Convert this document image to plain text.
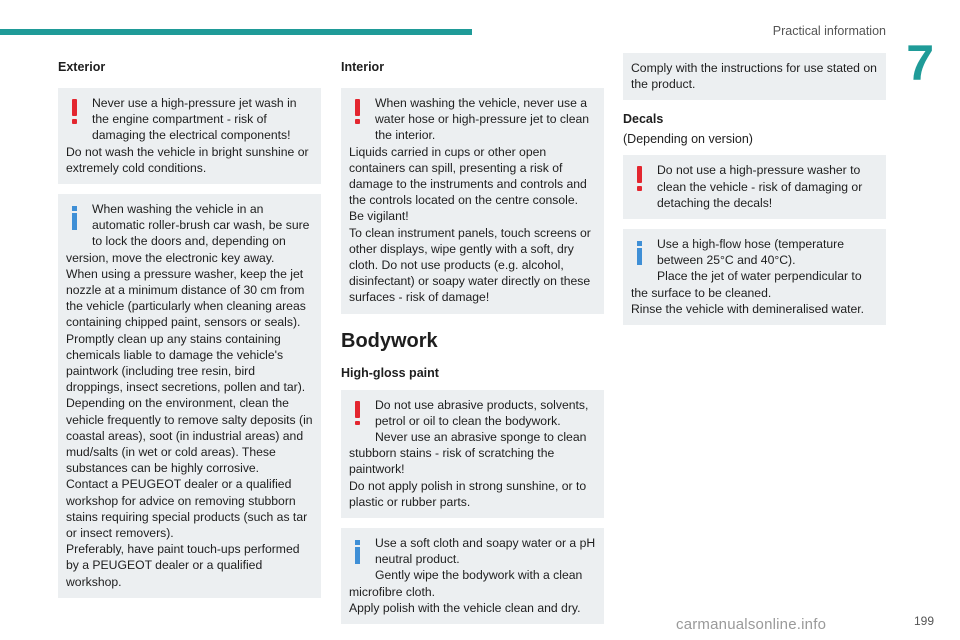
Practical information
7
Exterior
Never use a high-pressure jet wash in the engine compartment - risk of damaging the electrical components!
Do not wash the vehicle in bright sunshine or extremely cold conditions.
When washing the vehicle in an automatic roller-brush car wash, be sure to lock the doors and, depending on version, move the electronic key away.
When using a pressure washer, keep the jet nozzle at a minimum distance of 30 cm from the vehicle (particularly when cleaning areas containing chipped paint, sensors or seals).
Promptly clean up any stains containing chemicals liable to damage the vehicle's paintwork (including tree resin, bird droppings, insect secretions, pollen and tar).
Depending on the environment, clean the vehicle frequently to remove salty deposits (in coastal areas), soot (in industrial areas) and mud/salts (in wet or cold areas). These substances can be highly corrosive.
Contact a PEUGEOT dealer or a qualified workshop for advice on removing stubborn stains requiring special products (such as tar or insect removers).
Preferably, have paint touch-ups performed by a PEUGEOT dealer or a qualified workshop.
Interior
When washing the vehicle, never use a water hose or high-pressure jet to clean the interior.
Liquids carried in cups or other open containers can spill, presenting a risk of damage to the instruments and controls and the controls located on the centre console. Be vigilant!
To clean instrument panels, touch screens or other displays, wipe gently with a soft, dry cloth. Do not use products (e.g. alcohol, disinfectant) or soapy water directly on these surfaces - risk of damage!
Bodywork
High-gloss paint
Do not use abrasive products, solvents, petrol or oil to clean the bodywork.
Never use an abrasive sponge to clean stubborn stains - risk of scratching the paintwork!
Do not apply polish in strong sunshine, or to plastic or rubber parts.
Use a soft cloth and soapy water or a pH neutral product.
Gently wipe the bodywork with a clean microfibre cloth.
Apply polish with the vehicle clean and dry.
Comply with the instructions for use stated on the product.
Decals
(Depending on version)
Do not use a high-pressure washer to clean the vehicle - risk of damaging or detaching the decals!
Use a high-flow hose (temperature between 25°C and 40°C).
Place the jet of water perpendicular to the surface to be cleaned.
Rinse the vehicle with demineralised water.
199
carmanualsonline.info
